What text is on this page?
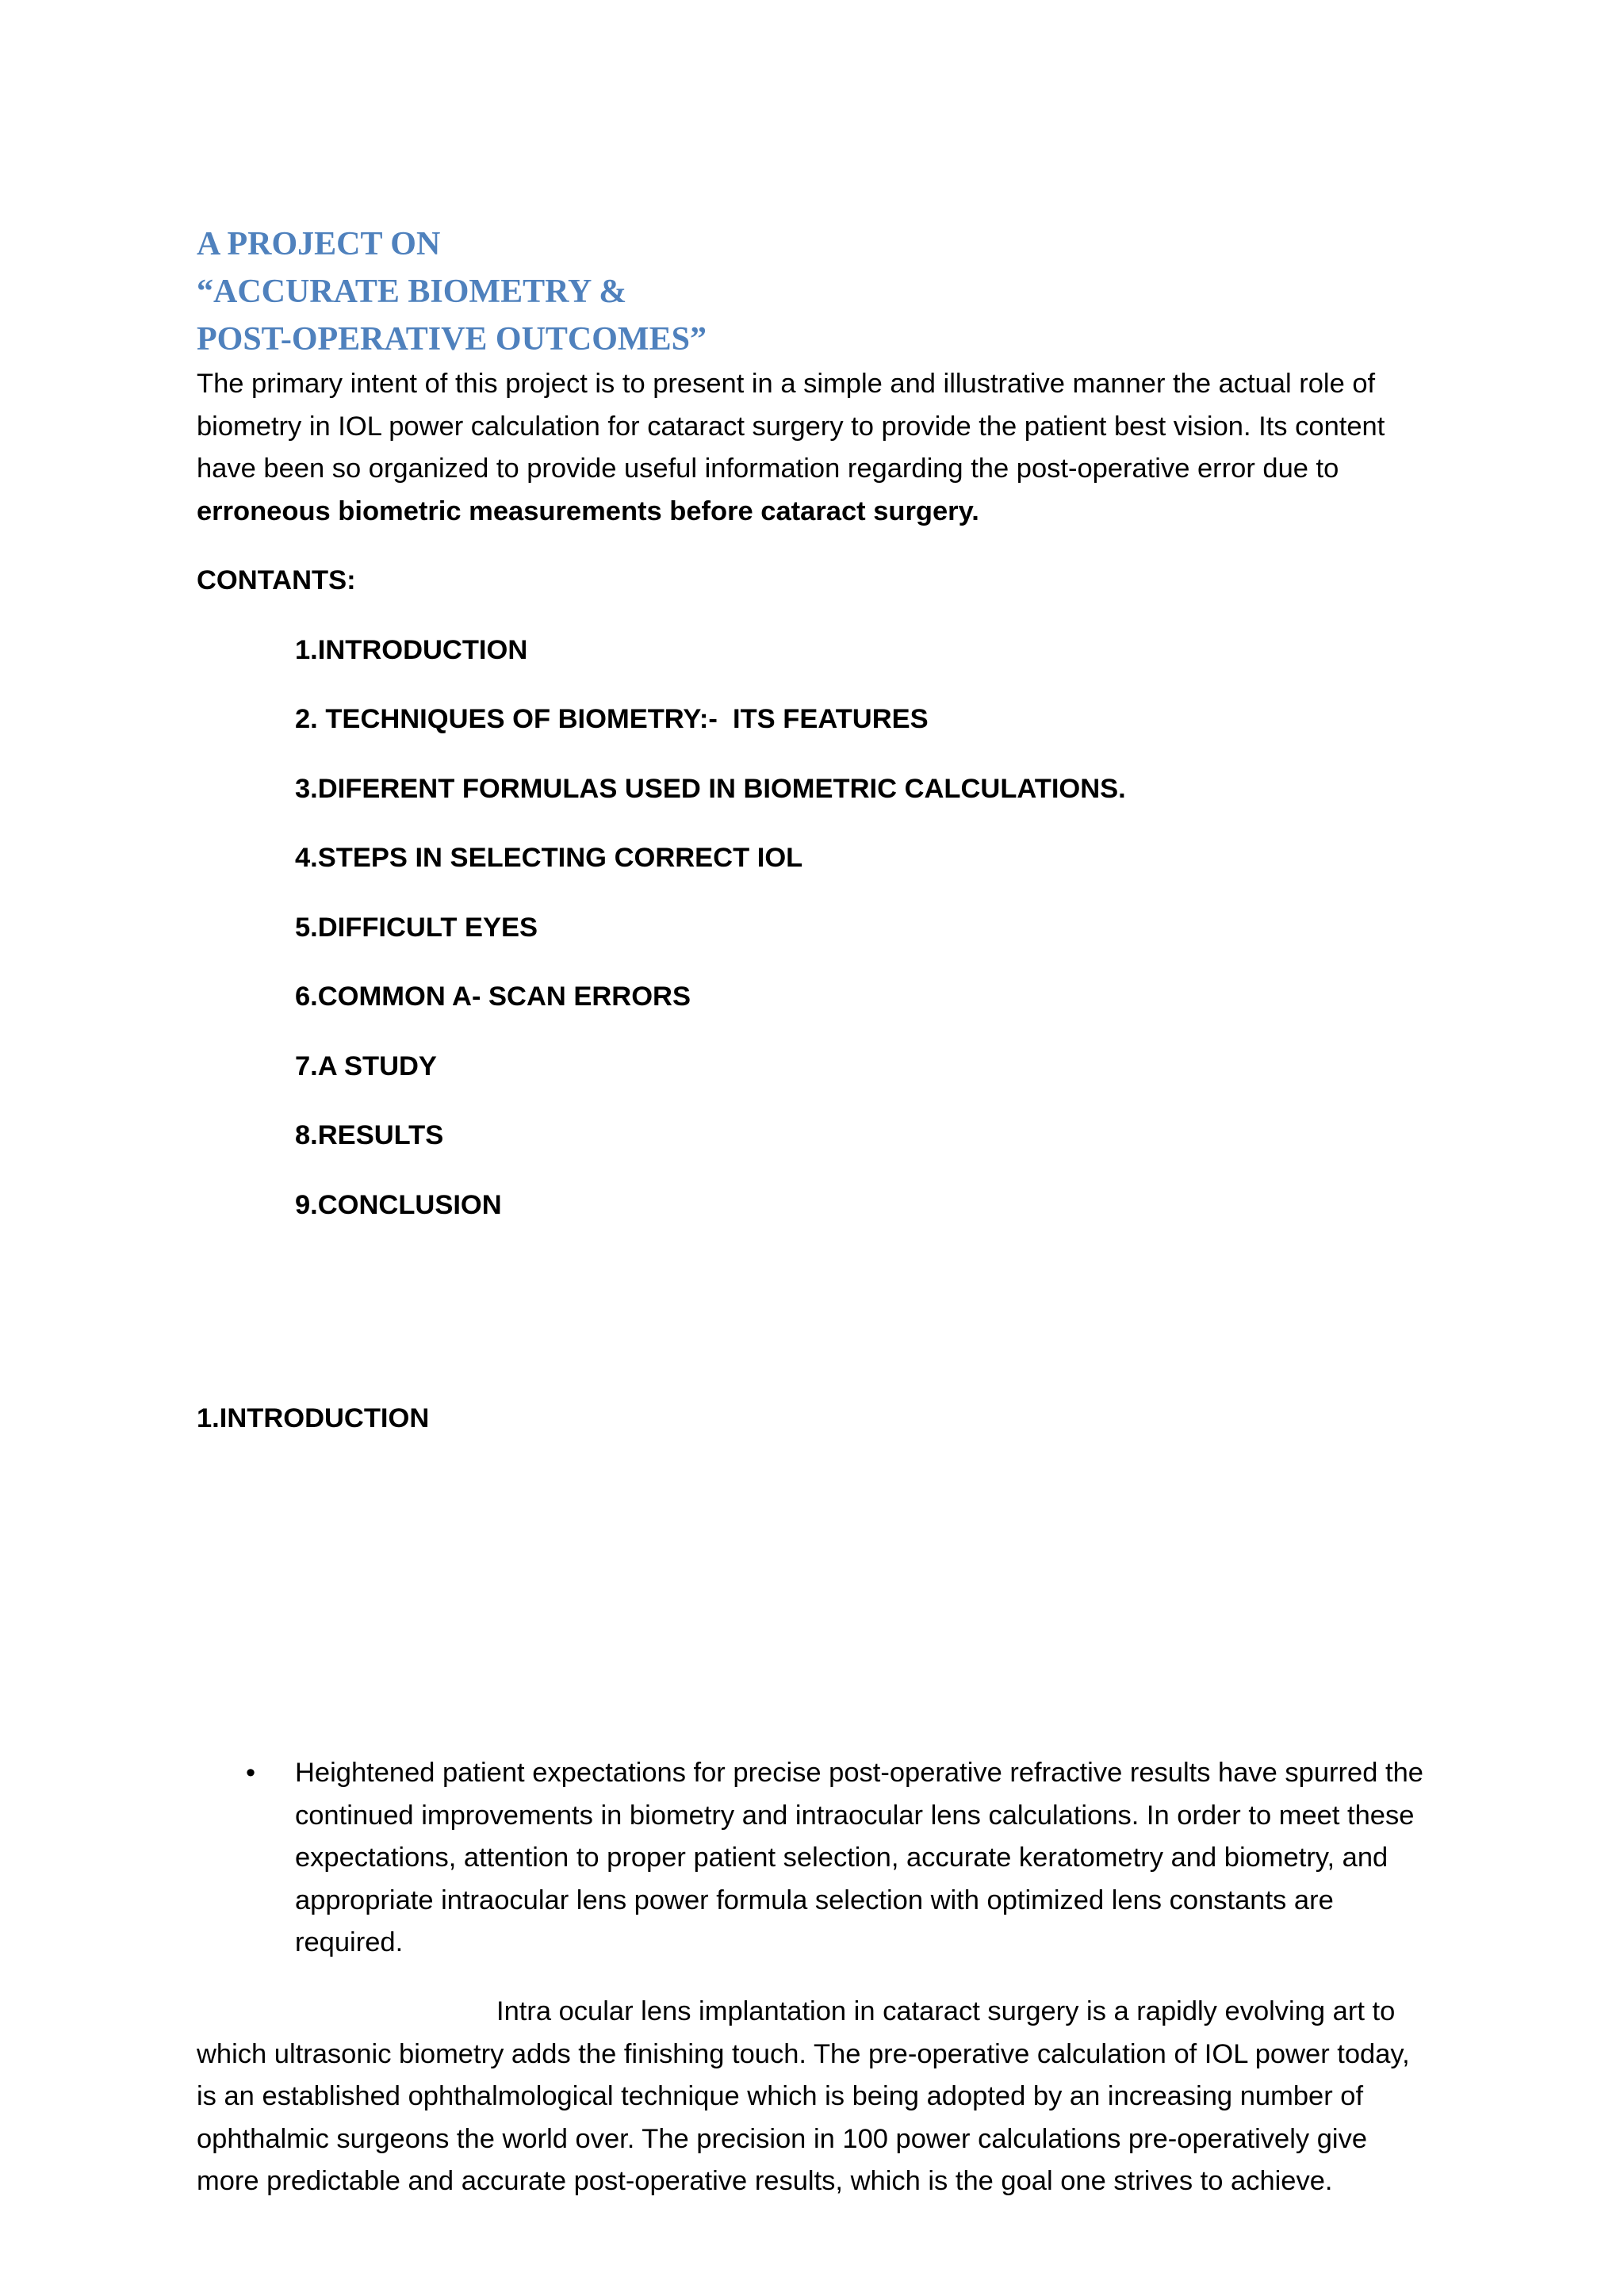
A PROJECT ON

“ACCURATE BIOMETRY &

POST-OPERATIVE OUTCOMES”

The primary intent of this project is to present in a simple and illustrative manner the actual role of biometry in IOL power calculation for cataract surgery to provide the patient best vision. Its content have been so organized to provide useful information regarding the post-operative error due to erroneous biometric measurements before cataract surgery.

CONTANTS:

1.INTRODUCTION
2. TECHNIQUES OF BIOMETRY:-  ITS FEATURES
3.DIFERENT FORMULAS USED IN BIOMETRIC CALCULATIONS.
4.STEPS IN SELECTING CORRECT IOL
5.DIFFICULT EYES
6.COMMON A- SCAN ERRORS
7.A STUDY
8.RESULTS
9.CONCLUSION

1.INTRODUCTION

• Heightened patient expectations for precise post-operative refractive results have spurred the continued improvements in biometry and intraocular lens calculations. In order to meet these expectations, attention to proper patient selection, accurate keratometry and biometry, and appropriate intraocular lens power formula selection with optimized lens constants are required.

Intra ocular lens implantation in cataract surgery is a rapidly evolving art to which ultrasonic biometry adds the finishing touch. The pre-operative calculation of IOL power today, is an established ophthalmological technique which is being adopted by an increasing number of ophthalmic surgeons the world over. The precision in 100 power calculations pre-operatively give more predictable and accurate post-operative results, which is the goal one strives to achieve.
